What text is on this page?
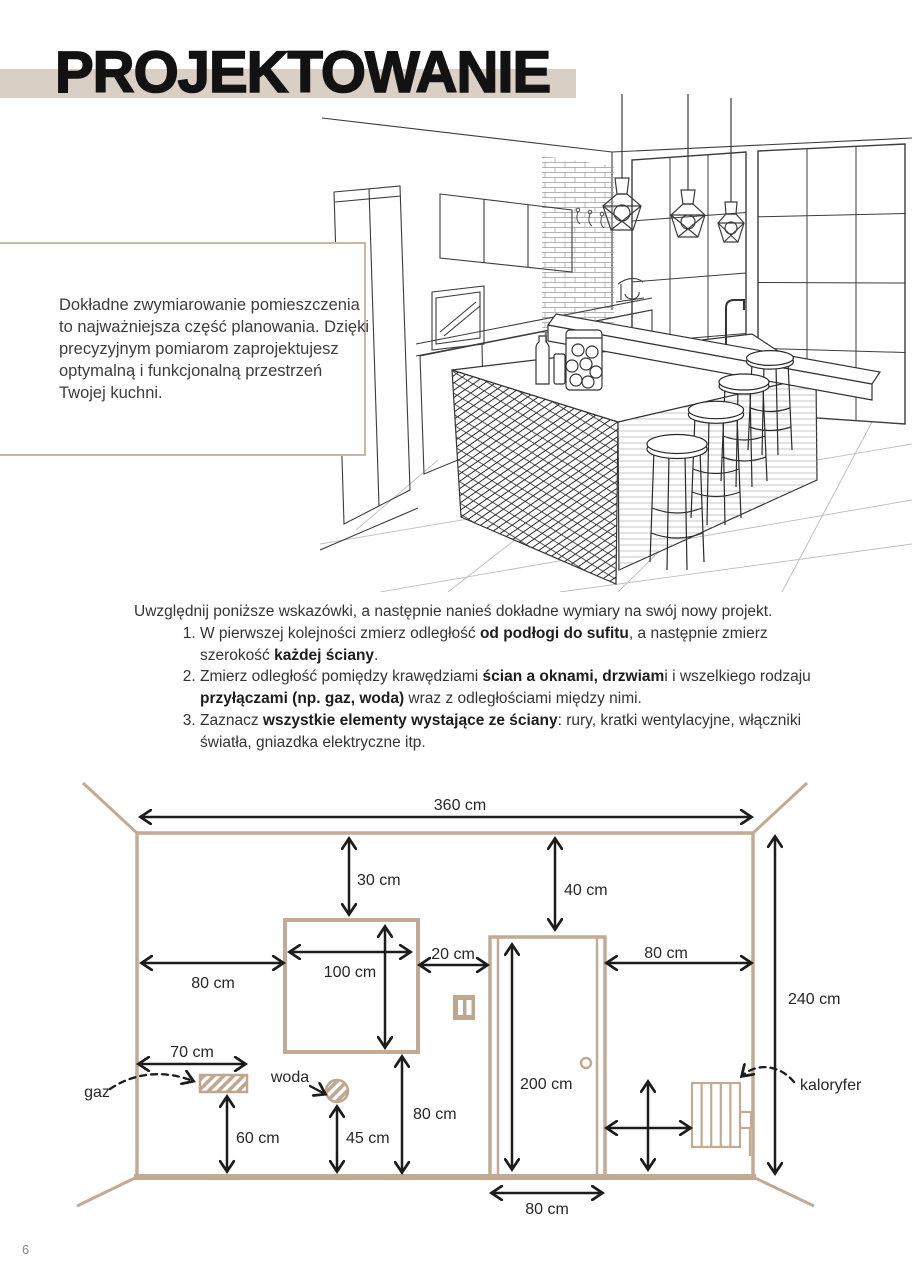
PROJEKTOWANIE

Dokładne zwymiarowanie pomieszczenia to najważniejsza część planowania. Dzięki precyzyjnym pomiarom zaprojektujesz optymalną i funkcjonalną przestrzeń Twojej kuchni.

Uwzględnij poniższe wskazówki, a następnie nanieś dokładne wymiary na swój nowy projekt.

1. W pierwszej kolejności zmierz odległość od podłogi do sufitu, a następnie zmierz szerokość każdej ściany.
2. Zmierz odległość pomiędzy krawędziami ścian a oknami, drzwiami i wszelkiego rodzaju przyłączami (np. gaz, woda) wraz z odległościami między nimi.
3. Zaznacz wszystkie elementy wystające ze ściany: rury, kratki wentylacyjne, włączniki światła, gniazdka elektryczne itp.
360 cm
30 cm
40 cm
80 cm
100 cm
20 cm	80 cm
240 cm
70 cm
60 cm	45 cm
80 cm
200 cm
80 cm
gaz
woda	kaloryfer
6
